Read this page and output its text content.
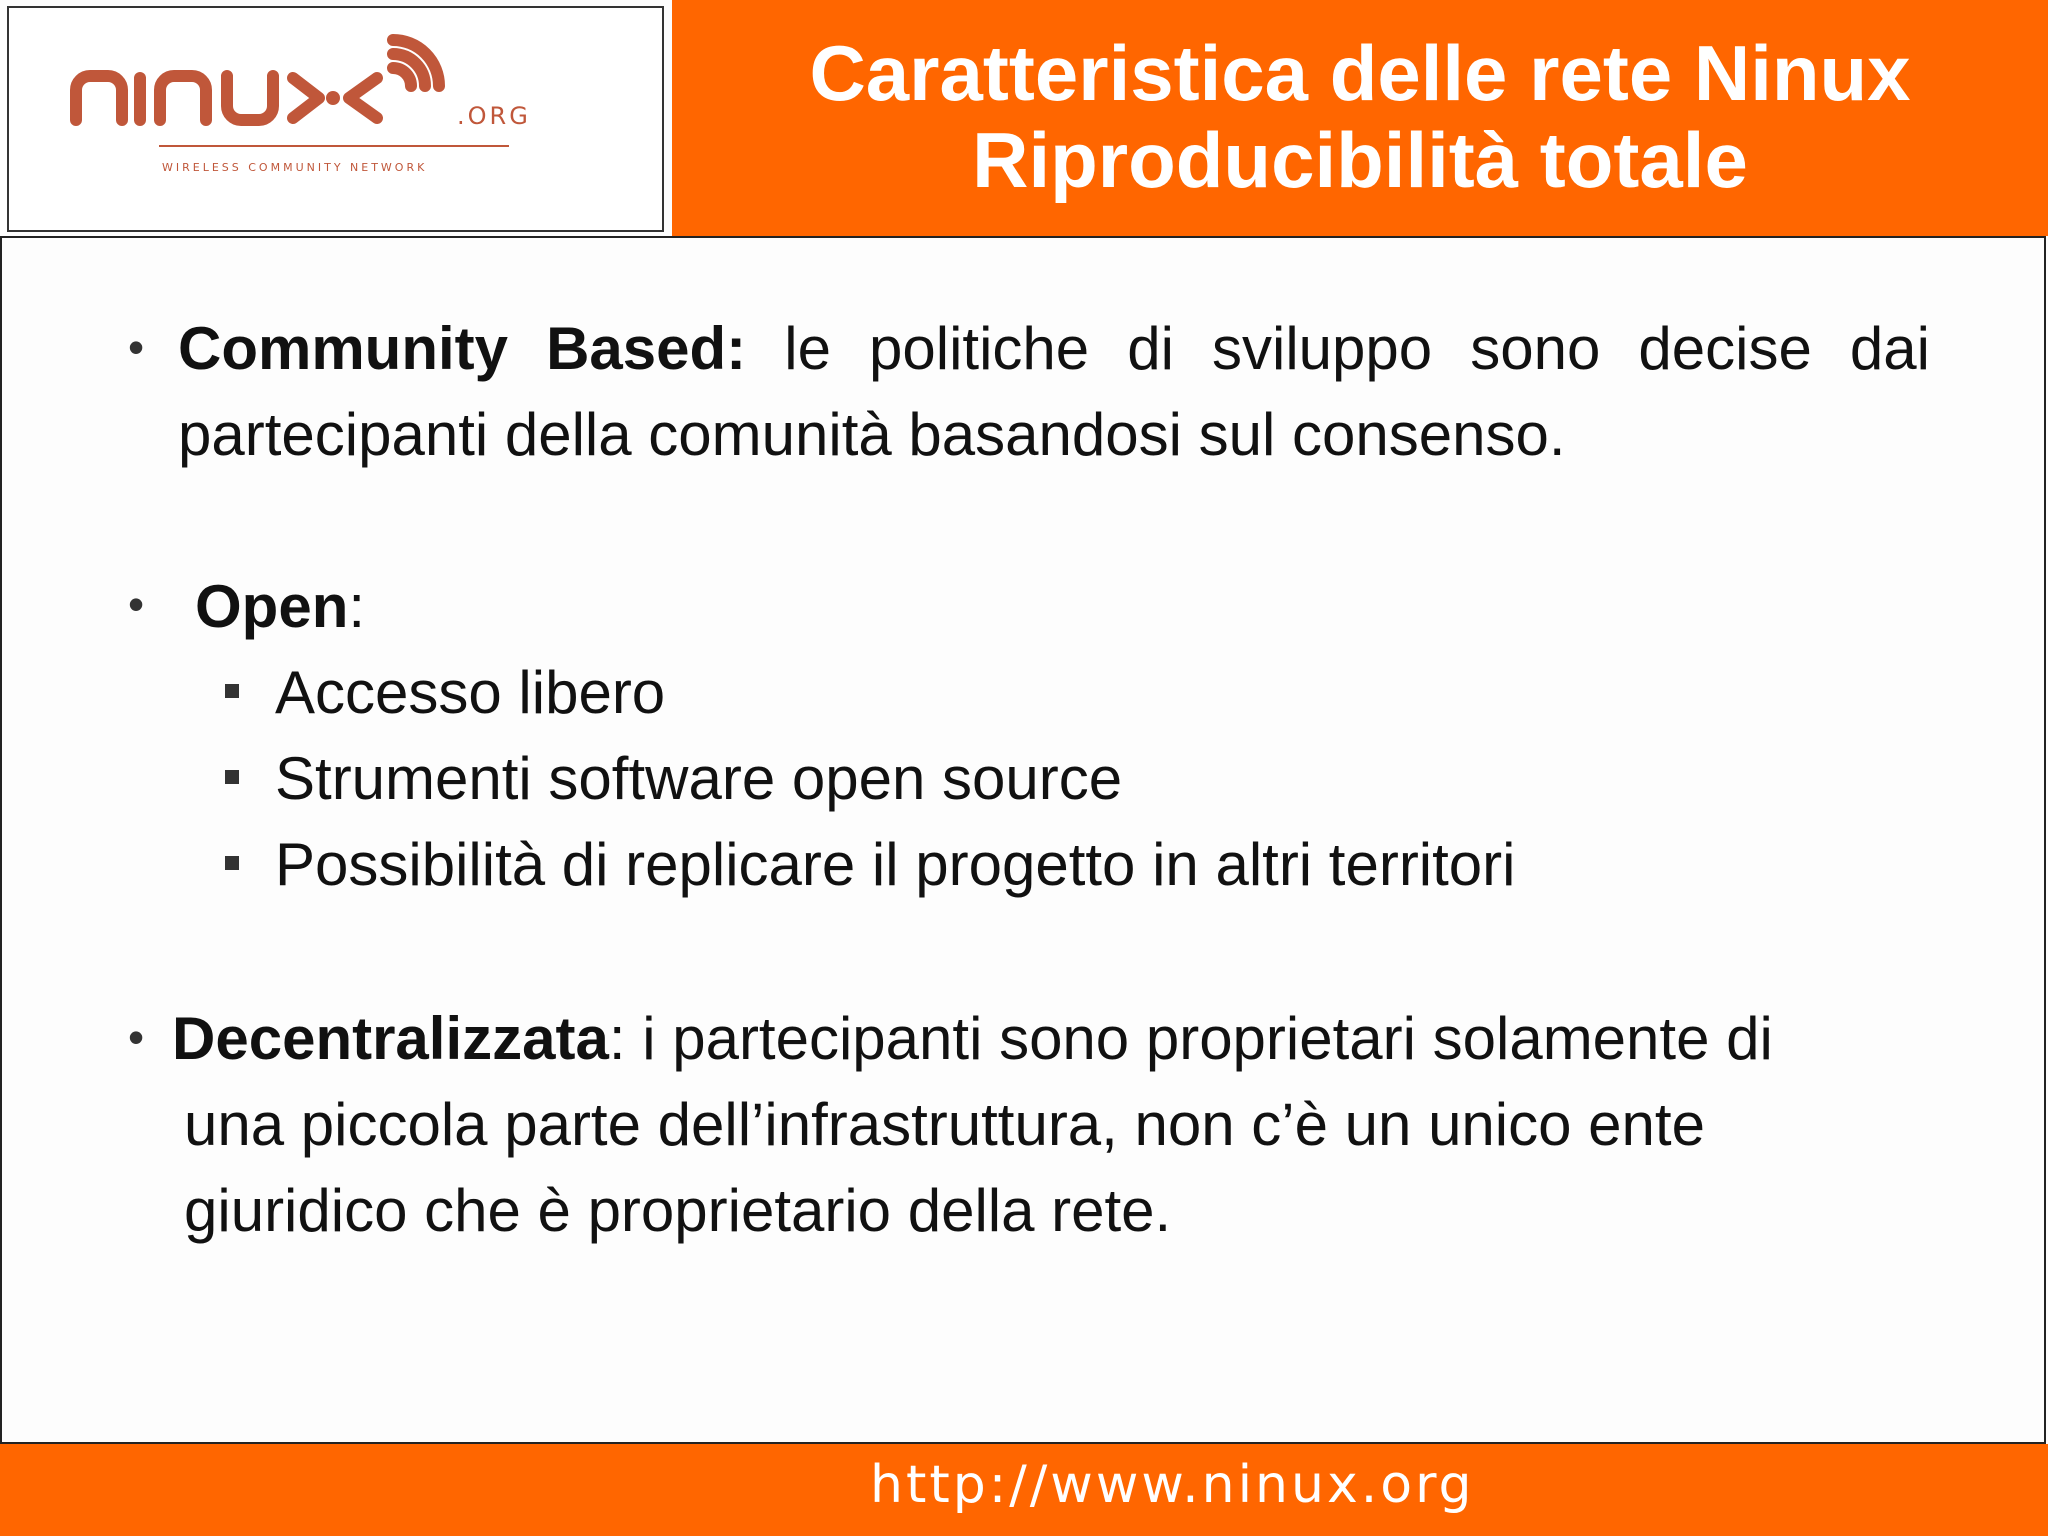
Caratteristica delle rete Ninux
Riproducibilità totale
.ORG
WIRELESS COMMUNITY NETWORK
• Community Based: le politiche di sviluppo sono decise dai partecipanti della comunità basandosi sul consenso.
• Open:
Accesso libero
Strumenti software open source
Possibilità di replicare il progetto in altri territori
• Decentralizzata: i partecipanti sono proprietari solamente di
una piccola parte dell’infrastruttura, non c’è un unico ente
giuridico che è proprietario della rete.
http://www.ninux.org
